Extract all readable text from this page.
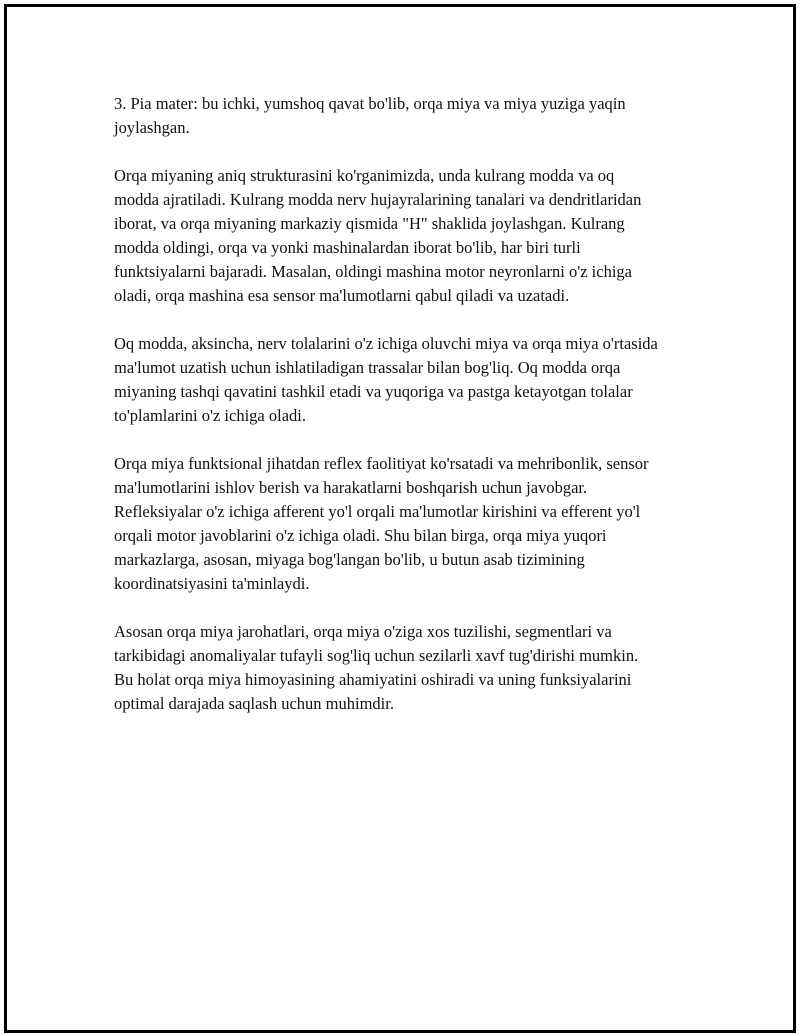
3. Pia mater: bu ichki, yumshoq qavat bo'lib, orqa miya va miya yuziga yaqin joylashgan.

Orqa miyaning aniq strukturasini ko'rganimizda, unda kulrang modda va oq modda ajratiladi. Kulrang modda nerv hujayralarining tanalari va dendritlaridan iborat, va orqa miyaning markaziy qismida "H" shaklida joylashgan. Kulrang modda oldingi, orqa va yonki mashinalardan iborat bo'lib, har biri turli funktsiyalarni bajaradi. Masalan, oldingi mashina motor neyronlarni o'z ichiga oladi, orqa mashina esa sensor ma'lumotlarni qabul qiladi va uzatadi.

Oq modda, aksincha, nerv tolalarini o'z ichiga oluvchi miya va orqa miya o'rtasida ma'lumot uzatish uchun ishlatiladigan trassalar bilan bog'liq. Oq modda orqa miyaning tashqi qavatini tashkil etadi va yuqoriga va pastga ketayotgan tolalar to'plamlarini o'z ichiga oladi.

Orqa miya funktsional jihatdan reflex faolitiyat ko'rsatadi va mehribonlik, sensor ma'lumotlarini ishlov berish va harakatlarni boshqarish uchun javobgar. Refleksiyalar o'z ichiga afferent yo'l orqali ma'lumotlar kirishini va efferent yo'l orqali motor javoblarini o'z ichiga oladi. Shu bilan birga, orqa miya yuqori markazlarga, asosan, miyaga bog'langan bo'lib, u butun asab tizimining koordinatsiyasini ta'minlaydi.

Asosan orqa miya jarohatlari, orqa miya o'ziga xos tuzilishi, segmentlari va tarkibidagi anomaliyalar tufayli sog'liq uchun sezilarli xavf tug'dirishi mumkin. Bu holat orqa miya himoyasining ahamiyatini oshiradi va uning funksiyalarini optimal darajada saqlash uchun muhimdir.
